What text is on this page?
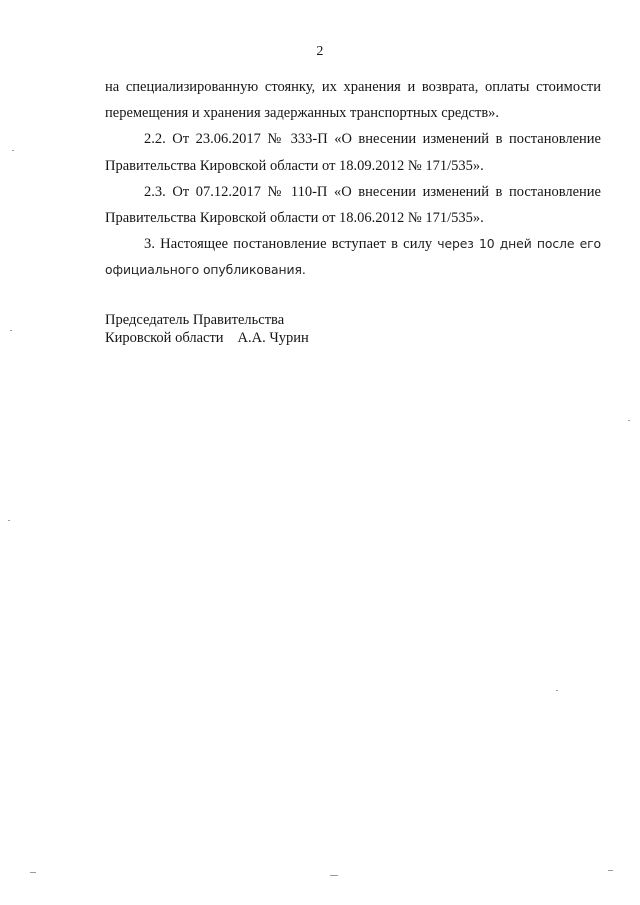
2

на специализированную стоянку, их хранения и возврата, оплаты стоимости перемещения и хранения задержанных транспортных средств».

2.2. От 23.06.2017 № 333-П «О внесении изменений в постановление Правительства Кировской области от 18.09.2012 № 171/535».

2.3. От 07.12.2017 № 110-П «О внесении изменений в постановление Правительства Кировской области от 18.06.2012 № 171/535».

3. Настоящее постановление вступает в силу через 10 дней после его официального опубликования.

Председатель Правительства
Кировской области А.А. Чурин
